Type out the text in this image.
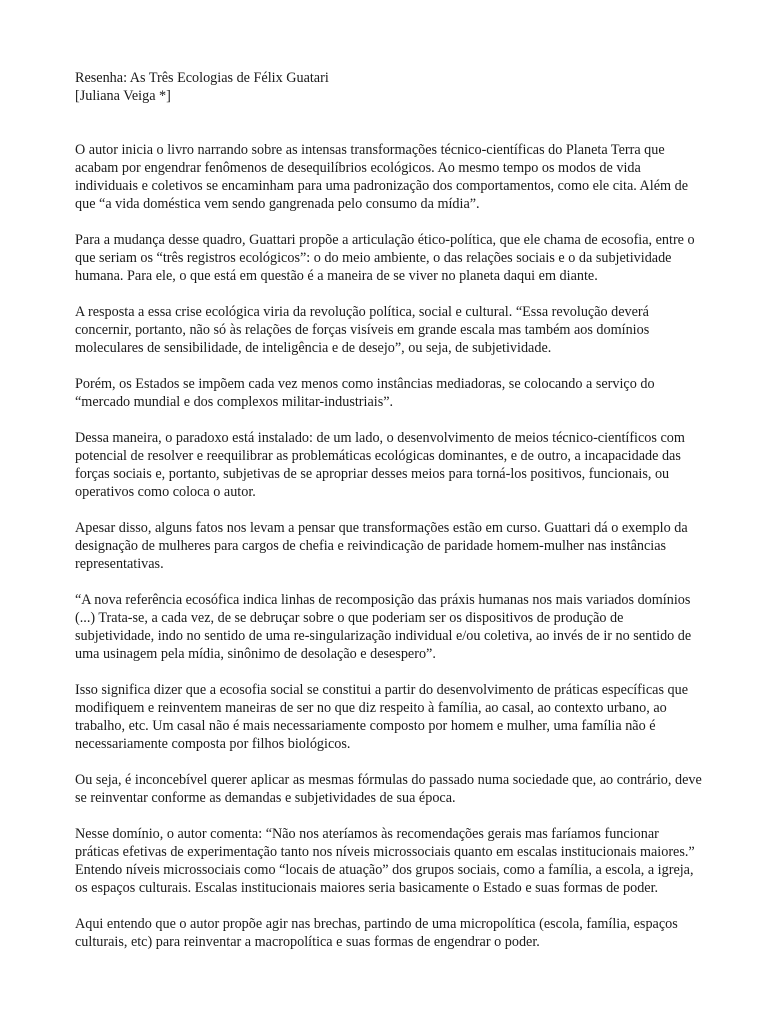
Resenha: As Três Ecologias de Félix Guatari

[Juliana Veiga *]

O autor inicia o livro narrando sobre as intensas transformações técnico-científicas do Planeta Terra que acabam por engendrar fenômenos de desequilíbrios ecológicos. Ao mesmo tempo os modos de vida individuais e coletivos se encaminham para uma padronização dos comportamentos, como ele cita. Além de que “a vida doméstica vem sendo gangrenada pelo consumo da mídia”.

Para a mudança desse quadro, Guattari propõe a articulação ético-política, que ele chama de ecosofia, entre o que seriam os “três registros ecológicos”: o do meio ambiente, o das relações sociais e o da subjetividade humana. Para ele, o que está em questão é a maneira de se viver no planeta daqui em diante.

A resposta a essa crise ecológica viria da revolução política, social e cultural. “Essa revolução deverá concernir, portanto, não só às relações de forças visíveis em grande escala mas também aos domínios moleculares de sensibilidade, de inteligência e de desejo”, ou seja, de subjetividade.

Porém, os Estados se impõem cada vez menos como instâncias mediadoras, se colocando a serviço do “mercado mundial e dos complexos militar-industriais”.

Dessa maneira, o paradoxo está instalado: de um lado, o desenvolvimento de meios técnico-científicos com potencial de resolver e reequilibrar as problemáticas ecológicas dominantes, e de outro, a incapacidade das forças sociais e, portanto, subjetivas de se apropriar desses meios para torná-los positivos, funcionais, ou operativos como coloca o autor.

Apesar disso, alguns fatos nos levam a pensar que transformações estão em curso. Guattari dá o exemplo da designação de mulheres para cargos de chefia e reivindicação de paridade homem-mulher nas instâncias representativas.

“A nova referência ecosófica indica linhas de recomposição das práxis humanas nos mais variados domínios (...) Trata-se, a cada vez, de se debruçar sobre o que poderiam ser os dispositivos de produção de subjetividade, indo no sentido de uma re-singularização individual e/ou coletiva, ao invés de ir no sentido de uma usinagem pela mídia, sinônimo de desolação e desespero”.

Isso significa dizer que a ecosofia social se constitui a partir do desenvolvimento de práticas específicas que modifiquem e reinventem maneiras de ser no que diz respeito à família, ao casal, ao contexto urbano, ao trabalho, etc. Um casal não é mais necessariamente composto por homem e mulher, uma família não é necessariamente composta por filhos biológicos.

Ou seja, é inconcebível querer aplicar as mesmas fórmulas do passado numa sociedade que, ao contrário, deve se reinventar conforme as demandas e subjetividades de sua época.

Nesse domínio, o autor comenta: “Não nos ateríamos às recomendações gerais mas faríamos funcionar práticas efetivas de experimentação tanto nos níveis microssociais quanto em escalas institucionais maiores.” Entendo níveis microssociais como “locais de atuação” dos grupos sociais, como a família, a escola, a igreja, os espaços culturais. Escalas institucionais maiores seria basicamente o Estado e suas formas de poder.

Aqui entendo que o autor propõe agir nas brechas, partindo de uma micropolítica (escola, família, espaços culturais, etc) para reinventar a macropolítica e suas formas de engendrar o poder.
